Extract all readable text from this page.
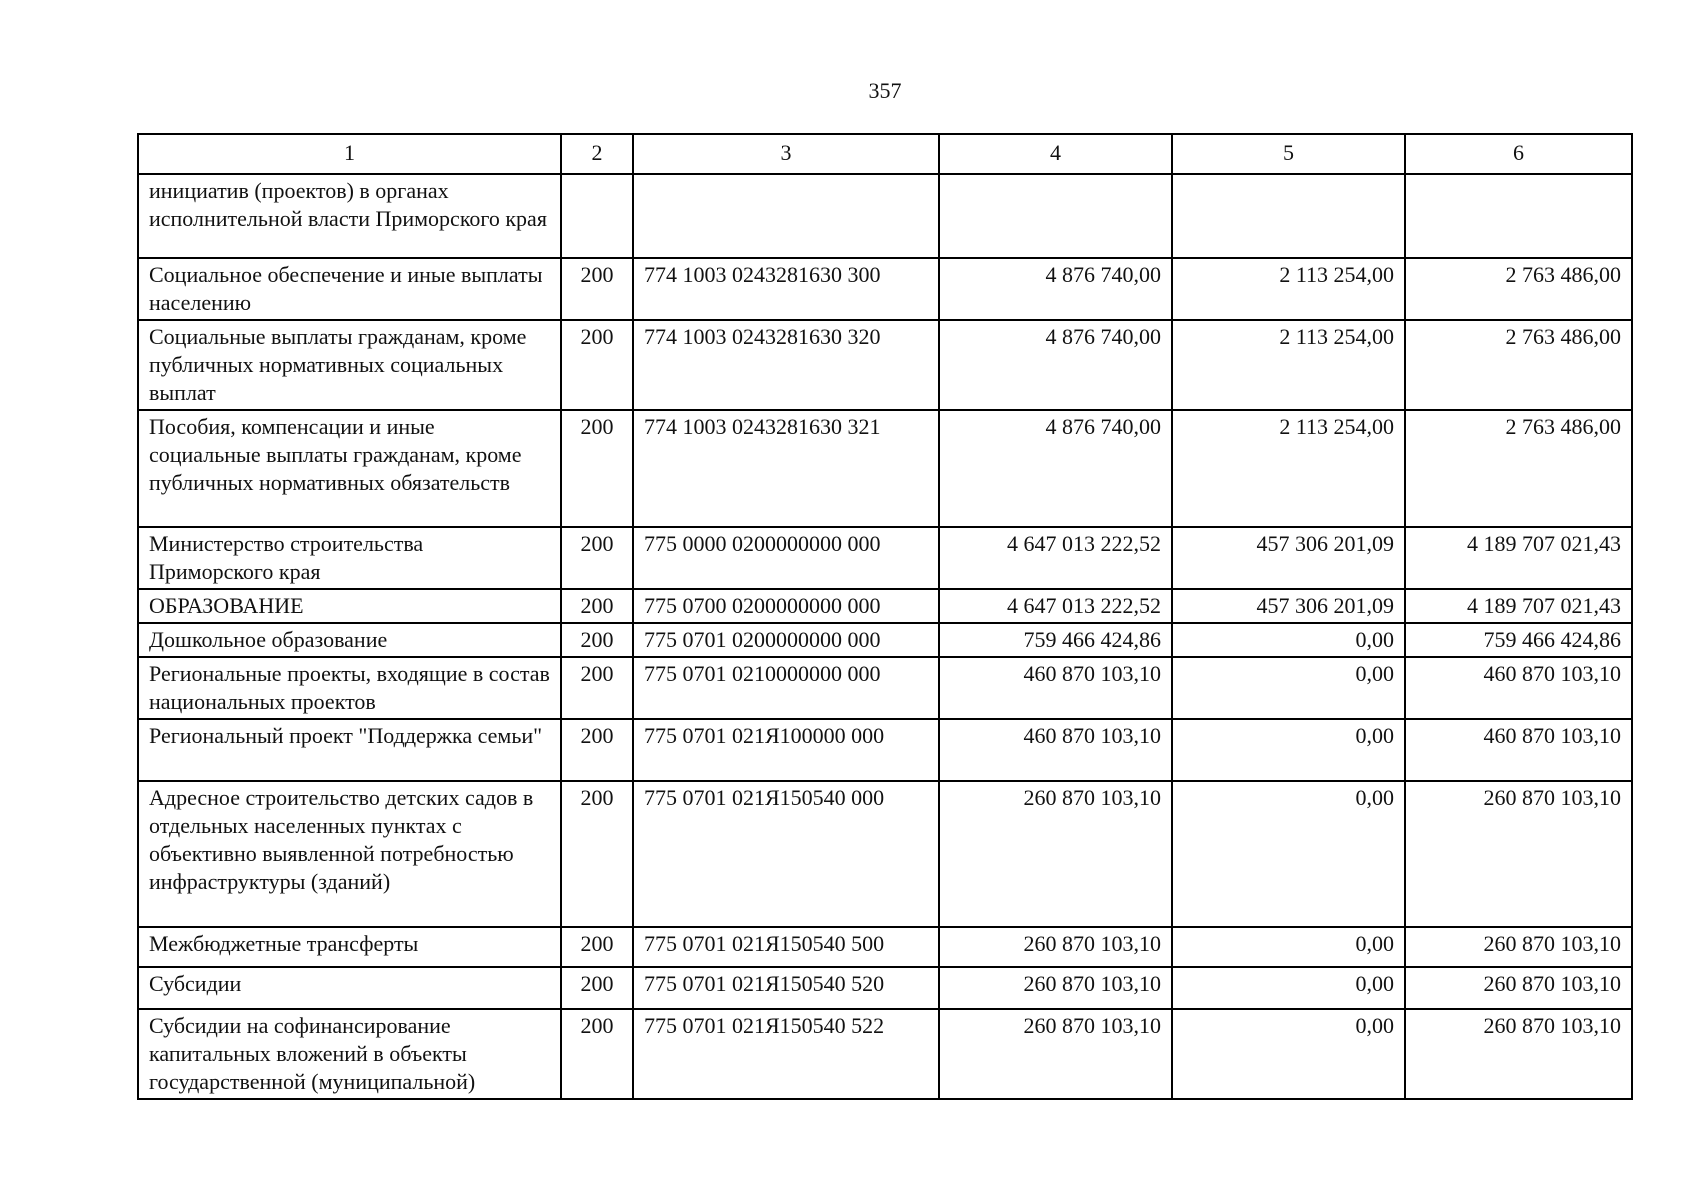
357
1	2	3	4	5	6
инициатив (проектов) в органах исполнительной власти Приморского края					
Социальное обеспечение и иные выплаты населению	200	774 1003 0243281630 300	4 876 740,00	2 113 254,00	2 763 486,00
Социальные выплаты гражданам, кроме публичных нормативных социальных выплат	200	774 1003 0243281630 320	4 876 740,00	2 113 254,00	2 763 486,00
Пособия, компенсации и иные социальные выплаты гражданам, кроме публичных нормативных обязательств	200	774 1003 0243281630 321	4 876 740,00	2 113 254,00	2 763 486,00
Министерство строительства Приморского края	200	775 0000 0200000000 000	4 647 013 222,52	457 306 201,09	4 189 707 021,43
ОБРАЗОВАНИЕ	200	775 0700 0200000000 000	4 647 013 222,52	457 306 201,09	4 189 707 021,43
Дошкольное образование	200	775 0701 0200000000 000	759 466 424,86	0,00	759 466 424,86
Региональные проекты, входящие в состав национальных проектов	200	775 0701 0210000000 000	460 870 103,10	0,00	460 870 103,10
Региональный проект "Поддержка семьи"	200	775 0701 021Я100000 000	460 870 103,10	0,00	460 870 103,10
Адресное строительство детских садов в отдельных населенных пунктах с объективно выявленной потребностью инфраструктуры (зданий)	200	775 0701 021Я150540 000	260 870 103,10	0,00	260 870 103,10
Межбюджетные трансферты	200	775 0701 021Я150540 500	260 870 103,10	0,00	260 870 103,10
Субсидии	200	775 0701 021Я150540 520	260 870 103,10	0,00	260 870 103,10
Субсидии на софинансирование капитальных вложений в объекты государственной (муниципальной)	200	775 0701 021Я150540 522	260 870 103,10	0,00	260 870 103,10
